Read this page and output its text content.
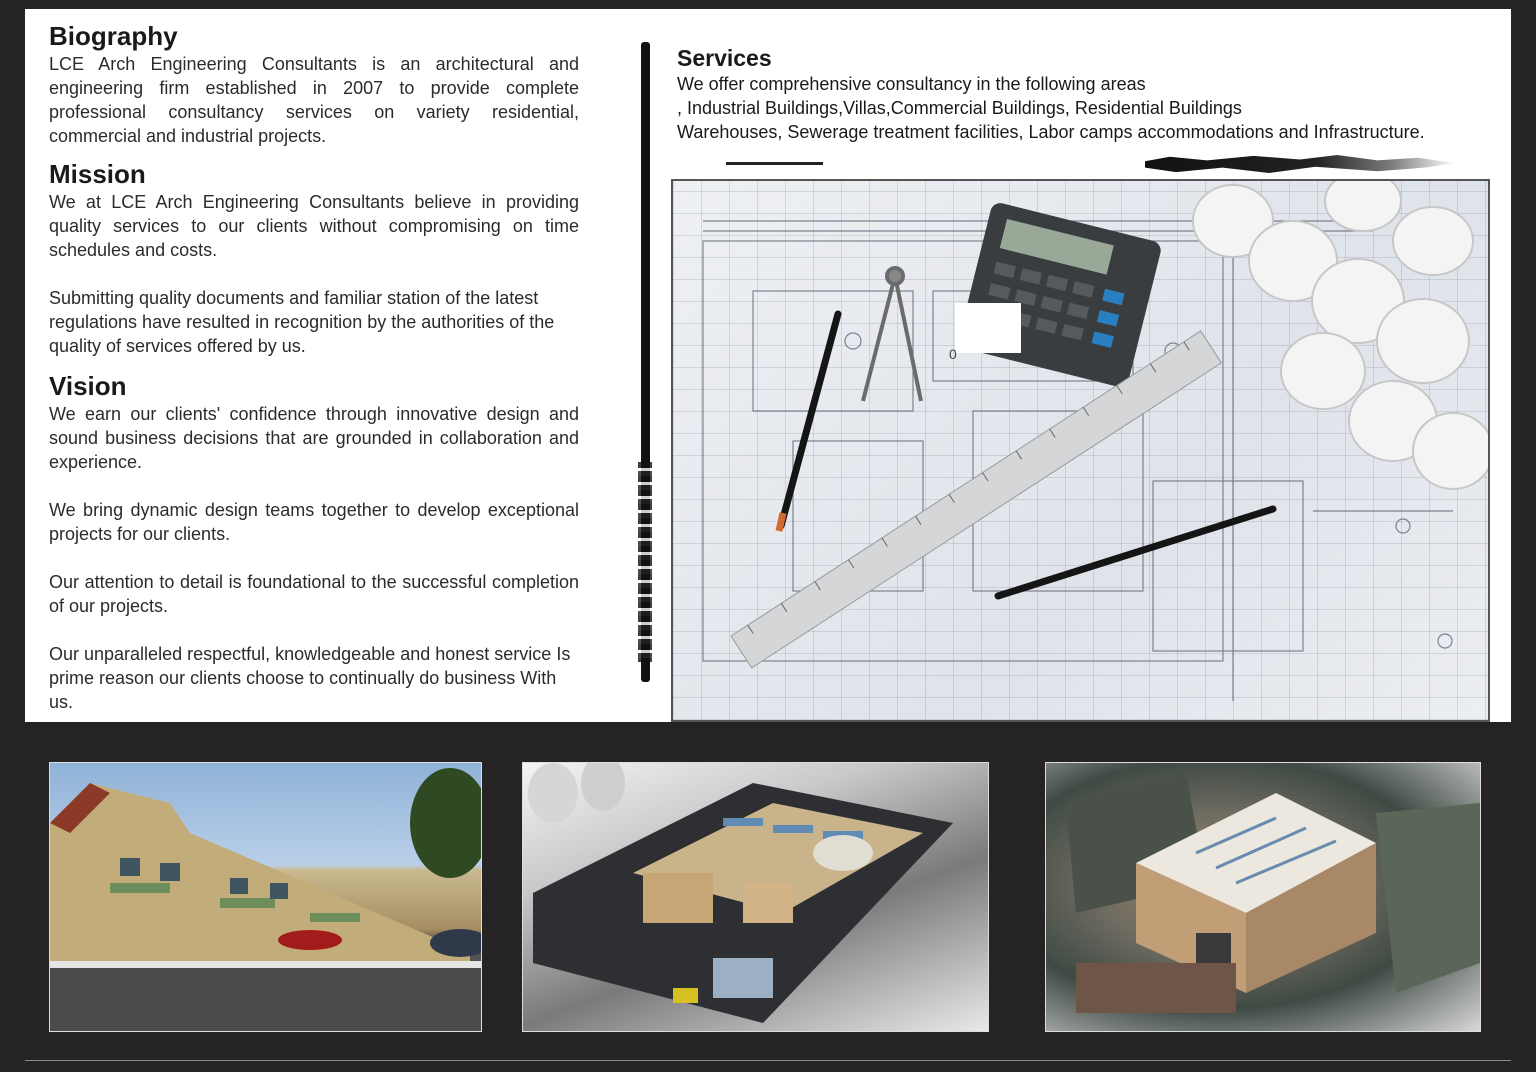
Biography

LCE Arch Engineering Consultants is an architectural and engineering firm established in 2007 to provide complete professional consultancy services on variety residential, commercial and industrial projects.

Mission

We at LCE Arch Engineering Consultants believe in providing quality services to our clients without compromising on time schedules and costs.

Submitting quality documents and familiar station of the latest regulations have resulted in recognition by the authorities of the quality of services offered by us.

Vision

We earn our clients' confidence through innovative design and sound business decisions that are grounded in collaboration and experience.

We bring dynamic design teams together to develop exceptional projects for our clients.

Our attention to detail is foundational to the successful completion of our projects.

Our unparalleled respectful, knowledgeable and honest service Is prime reason our clients choose to continually do business With us.

Services
We offer comprehensive consultancy in the following areas
, Industrial Buildings,Villas,Commercial Buildings, Residential Buildings
Warehouses, Sewerage treatment facilities, Labor camps accommodations and Infrastructure.
0
